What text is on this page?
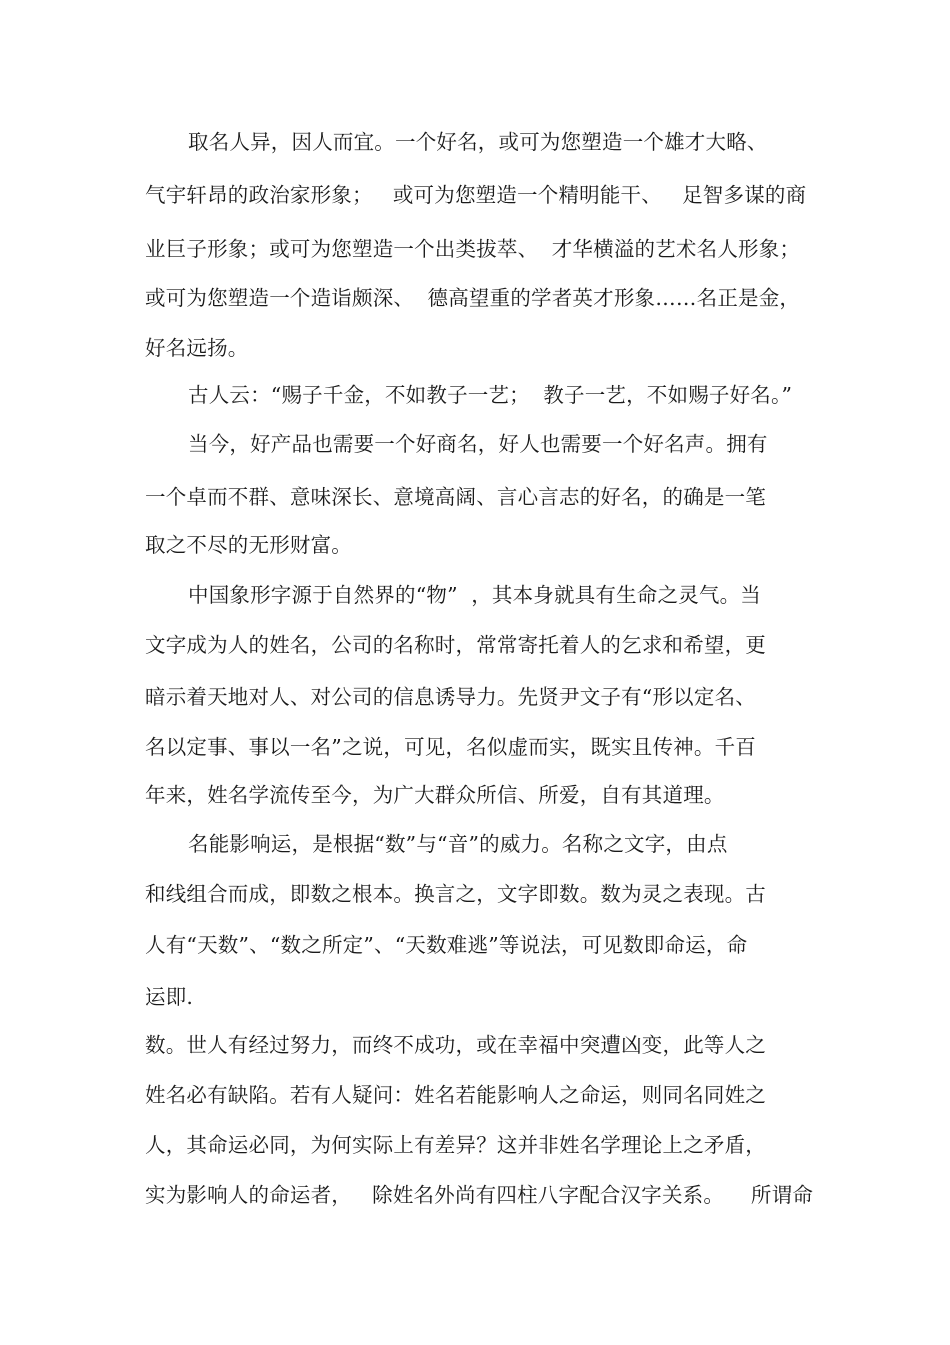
取名人异，因人而宜。一个好名，或可为您塑造一个雄才大略、

气宇轩昂的政治家形象；   或可为您塑造一个精明能干、   足智多谋的商

业巨子形象；或可为您塑造一个出类拔萃、  才华横溢的艺术名人形象；

或可为您塑造一个造诣颇深、  德高望重的学者英才形象……名正是金，

好名远扬。

古人云：“赐子千金，不如教子一艺；  教子一艺，不如赐子好名。”

当今，好产品也需要一个好商名，好人也需要一个好名声。拥有

一个卓而不群、意味深长、意境高阔、言心言志的好名，的确是一笔

取之不尽的无形财富。

中国象形字源于自然界的“物”  ，其本身就具有生命之灵气。当

文字成为人的姓名，公司的名称时，常常寄托着人的乞求和希望，更

暗示着天地对人、对公司的信息诱导力。先贤尹文子有“形以定名、

名以定事、事以一名”之说，可见，名似虚而实，既实且传神。千百

年来，姓名学流传至今，为广大群众所信、所爱，自有其道理。

名能影响运，是根据“数”与“音”的威力。名称之文字，由点

和线组合而成，即数之根本。换言之，文字即数。数为灵之表现。古

人有“天数”、“数之所定”、“天数难逃”等说法，可见数即命运，命

运即.

数。世人有经过努力，而终不成功，或在幸福中突遭凶变，此等人之

姓名必有缺陷。若有人疑问：姓名若能影响人之命运，则同名同姓之

人，其命运必同，为何实际上有差异？这并非姓名学理论上之矛盾，

实为影响人的命运者，   除姓名外尚有四柱八字配合汉字关系。    所谓命
